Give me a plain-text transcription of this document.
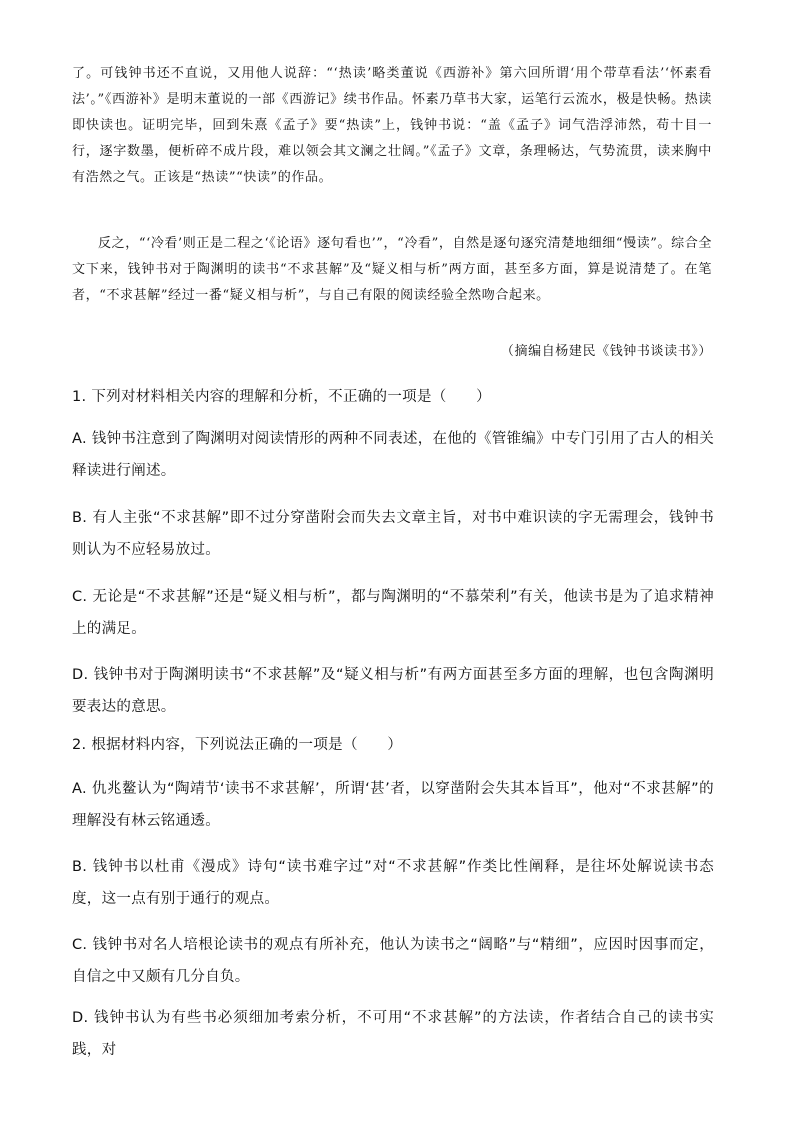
了。可钱钟书还不直说，又用他人说辞：“‘热读’略类董说《西游补》第六回所谓‘用个带草看法’‘怀素看法’。”《西游补》是明末董说的一部《西游记》续书作品。怀素乃草书大家，运笔行云流水，极是快畅。热读即快读也。证明完毕，回到朱熹《孟子》要“热读”上，钱钟书说：“盖《孟子》词气浩浮沛然，苟十目一行，逐字数墨，便析碎不成片段，难以领会其文澜之壮阔。”《孟子》文章，条理畅达，气势流贯，读来胸中有浩然之气。正该是“热读”“快读”的作品。

反之，“‘冷看’则正是二程之‘《论语》逐句看也’”，“冷看”，自然是逐句逐究清楚地细细“慢读”。综合全文下来，钱钟书对于陶渊明的读书“不求甚解”及“疑义相与析”两方面，甚至多方面，算是说清楚了。在笔者，“不求甚解”经过一番“疑义相与析”，与自己有限的阅读经验全然吻合起来。

（摘编自杨建民《钱钟书谈读书》）

1. 下列对材料相关内容的理解和分析，不正确的一项是（　　）

A. 钱钟书注意到了陶渊明对阅读情形的两种不同表述，在他的《管锥编》中专门引用了古人的相关释读进行阐述。

B. 有人主张“不求甚解”即不过分穿凿附会而失去文章主旨，对书中难识读的字无需理会，钱钟书则认为不应轻易放过。

C. 无论是“不求甚解”还是“疑义相与析”，都与陶渊明的“不慕荣利”有关，他读书是为了追求精神上的满足。

D. 钱钟书对于陶渊明读书“不求甚解”及“疑义相与析”有两方面甚至多方面的理解，也包含陶渊明要表达的意思。

2. 根据材料内容，下列说法正确的一项是（　　）

A. 仇兆鳌认为“陶靖节‘读书不求甚解’，所谓‘甚’者，以穿凿附会失其本旨耳”，他对“不求甚解”的理解没有林云铭通透。

B. 钱钟书以杜甫《漫成》诗句“读书难字过”对“不求甚解”作类比性阐释，是往坏处解说读书态度，这一点有别于通行的观点。

C. 钱钟书对名人培根论读书的观点有所补充，他认为读书之“阔略”与“精细”，应因时因事而定，自信之中又颇有几分自负。

D. 钱钟书认为有些书必须细加考索分析，不可用“不求甚解”的方法读，作者结合自己的读书实践，对
